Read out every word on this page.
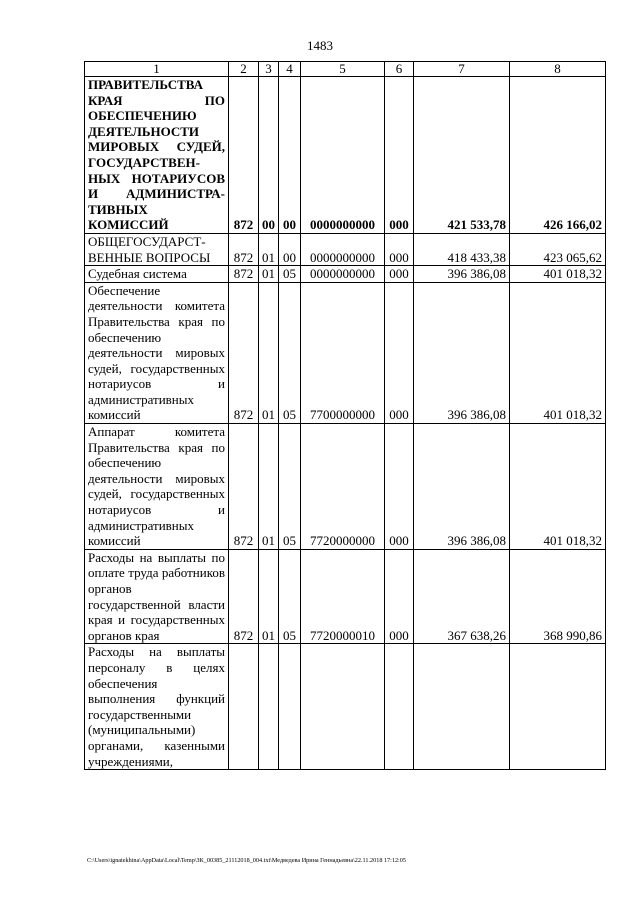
1483
1	2	3	4	5	6	7	8
ПРАВИТЕЛЬСТВА КРАЯ ПО ОБЕСПЕЧЕНИЮ ДЕЯТЕЛЬНОСТИ МИРОВЫХ СУДЕЙ, ГОСУДАРСТВЕН-НЫХ НОТАРИУСОВ И АДМИНИСТРА-ТИВНЫХ КОМИССИЙ	872	00	00	0000000000	000	421 533,78	426 166,02
ОБЩЕГОСУДАРСТ-ВЕННЫЕ ВОПРОСЫ	872	01	00	0000000000	000	418 433,38	423 065,62
Судебная система	872	01	05	0000000000	000	396 386,08	401 018,32
Обеспечение деятельности комитета Правительства края по обеспечению деятельности мировых судей, государственных нотариусов и административных комиссий	872	01	05	7700000000	000	396 386,08	401 018,32
Аппарат комитета Правительства края по обеспечению деятельности мировых судей, государственных нотариусов и административных комиссий	872	01	05	7720000000	000	396 386,08	401 018,32
Расходы на выплаты по оплате труда работников органов государственной власти края и государственных органов края	872	01	05	7720000010	000	367 638,26	368 990,86
Расходы на выплаты персоналу в целях обеспечения выполнения функций государственными (муниципальными) органами, казенными учреждениями,							
C:\Users\ignatekhina\AppData\Local\Temp\ЗК_00385_21112018_004.txt\Медведева Ирина Геннадьевна\22.11.2018 17:12:05
